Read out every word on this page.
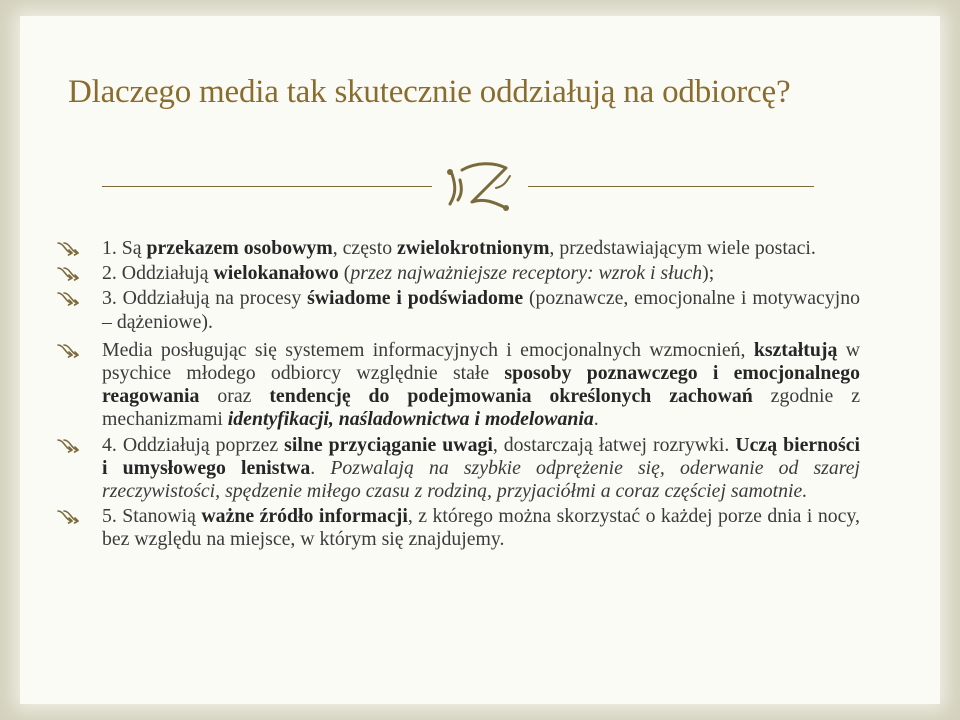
Dlaczego media tak skutecznie oddziałują na odbiorcę?
1. Są przekazem osobowym, często zwielokrotnionym, przedstawiającym wiele postaci.
2. Oddziałują wielokanałowo (przez najważniejsze receptory: wzrok i słuch);
3. Oddziałują na procesy świadome i podświadome (poznawcze, emocjonalne i motywacyjno – dążeniowe).
Media posługując się systemem informacyjnych i emocjonalnych wzmocnień, kształtują w psychice młodego odbiorcy względnie stałe sposoby poznawczego i emocjonalnego reagowania oraz tendencję do podejmowania określonych zachowań zgodnie z mechanizmami identyfikacji, naśladownictwa i modelowania.
4. Oddziałują poprzez silne przyciąganie uwagi, dostarczają łatwej rozrywki. Uczą bierności i umysłowego lenistwa. Pozwalają na szybkie odprężenie się, oderwanie od szarej rzeczywistości, spędzenie miłego czasu z rodziną, przyjaciółmi a coraz częściej samotnie.
5. Stanowią ważne źródło informacji, z którego można skorzystać o każdej porze dnia i nocy, bez względu na miejsce, w którym się znajdujemy.
